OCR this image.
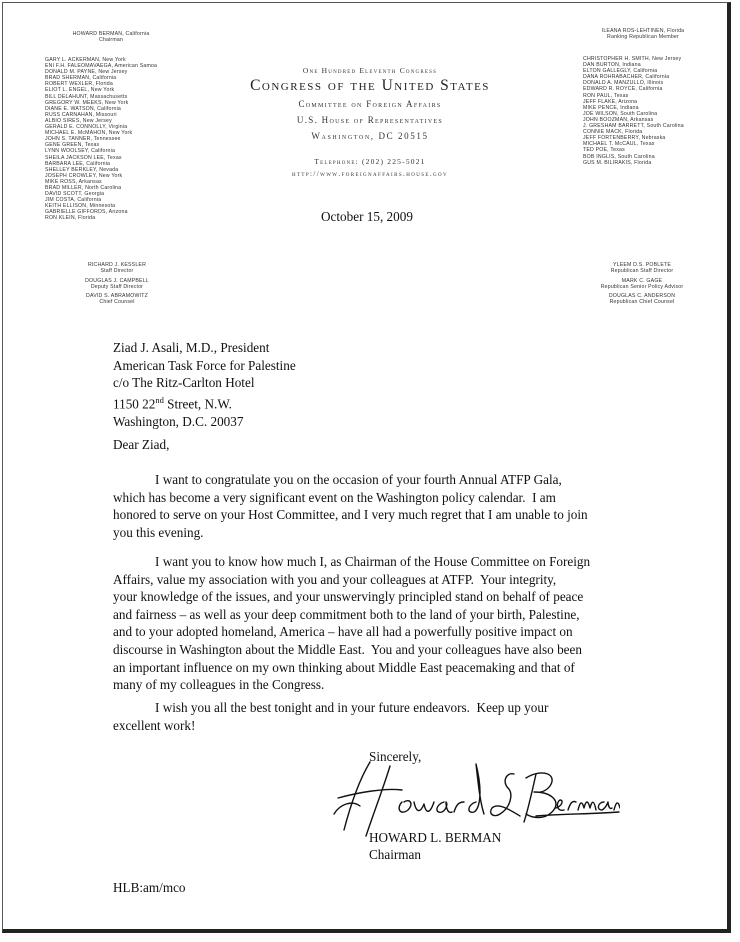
HOWARD BERMAN, California
Chairman
GARY L. ACKERMAN, New York
ENI F.H. FALEOMAVAEGA, American Samoa
DONALD M. PAYNE, New Jersey
BRAD SHERMAN, California
ROBERT WEXLER, Florida
ELIOT L. ENGEL, New York
BILL DELAHUNT, Massachusetts
GREGORY W. MEEKS, New York
DIANE E. WATSON, California
RUSS CARNAHAN, Missouri
ALBIO SIRES, New Jersey
GERALD E. CONNOLLY, Virginia
MICHAEL E. McMAHON, New York
JOHN S. TANNER, Tennessee
GENE GREEN, Texas
LYNN WOOLSEY, California
SHEILA JACKSON LEE, Texas
BARBARA LEE, California
SHELLEY BERKLEY, Nevada
JOSEPH CROWLEY, New York
MIKE ROSS, Arkansas
BRAD MILLER, North Carolina
DAVID SCOTT, Georgia
JIM COSTA, California
KEITH ELLISON, Minnesota
GABRIELLE GIFFORDS, Arizona
RON KLEIN, Florida
RICHARD J. KESSLER
Staff Director
DOUGLAS J. CAMPBELL
Deputy Staff Director
DAVID S. ABRAMOWITZ
Chief Counsel
ILEANA ROS-LEHTINEN, Florida
Ranking Republican Member
CHRISTOPHER H. SMITH, New Jersey
DAN BURTON, Indiana
ELTON GALLEGLY, California
DANA ROHRABACHER, California
DONALD A. MANZULLO, Illinois
EDWARD R. ROYCE, California
RON PAUL, Texas
JEFF FLAKE, Arizona
MIKE PENCE, Indiana
JOE WILSON, South Carolina
JOHN BOOZMAN, Arkansas
J. GRESHAM BARRETT, South Carolina
CONNIE MACK, Florida
JEFF FORTENBERRY, Nebraska
MICHAEL T. McCAUL, Texas
TED POE, Texas
BOB INGLIS, South Carolina
GUS M. BILIRAKIS, Florida
YLEEM D.S. POBLETE
Republican Staff Director
MARK C. GAGE
Republican Senior Policy Advisor
DOUGLAS C. ANDERSON
Republican Chief Counsel
One Hundred Eleventh Congress
Congress of the United States
Committee on Foreign Affairs
U.S. House of Representatives
Washington, DC 20515
Telephone: (202) 225-5021
http://www.foreignaffairs.house.gov
October 15, 2009
Ziad J. Asali, M.D., President
American Task Force for Palestine
c/o The Ritz-Carlton Hotel
1150 22nd Street, N.W.
Washington, D.C. 20037
Dear Ziad,
I want to congratulate you on the occasion of your fourth Annual ATFP Gala,
which has become a very significant event on the Washington policy calendar.  I am
honored to serve on your Host Committee, and I very much regret that I am unable to join
you this evening.
I want you to know how much I, as Chairman of the House Committee on Foreign
Affairs, value my association with you and your colleagues at ATFP.  Your integrity,
your knowledge of the issues, and your unswervingly principled stand on behalf of peace
and fairness – as well as your deep commitment both to the land of your birth, Palestine,
and to your adopted homeland, America – have all had a powerfully positive impact on
discourse in Washington about the Middle East.  You and your colleagues have also been
an important influence on my own thinking about Middle East peacemaking and that of
many of my colleagues in the Congress.
I wish you all the best tonight and in your future endeavors.  Keep up your
excellent work!
Sincerely,
HOWARD L. BERMAN
Chairman
HLB:am/mco
